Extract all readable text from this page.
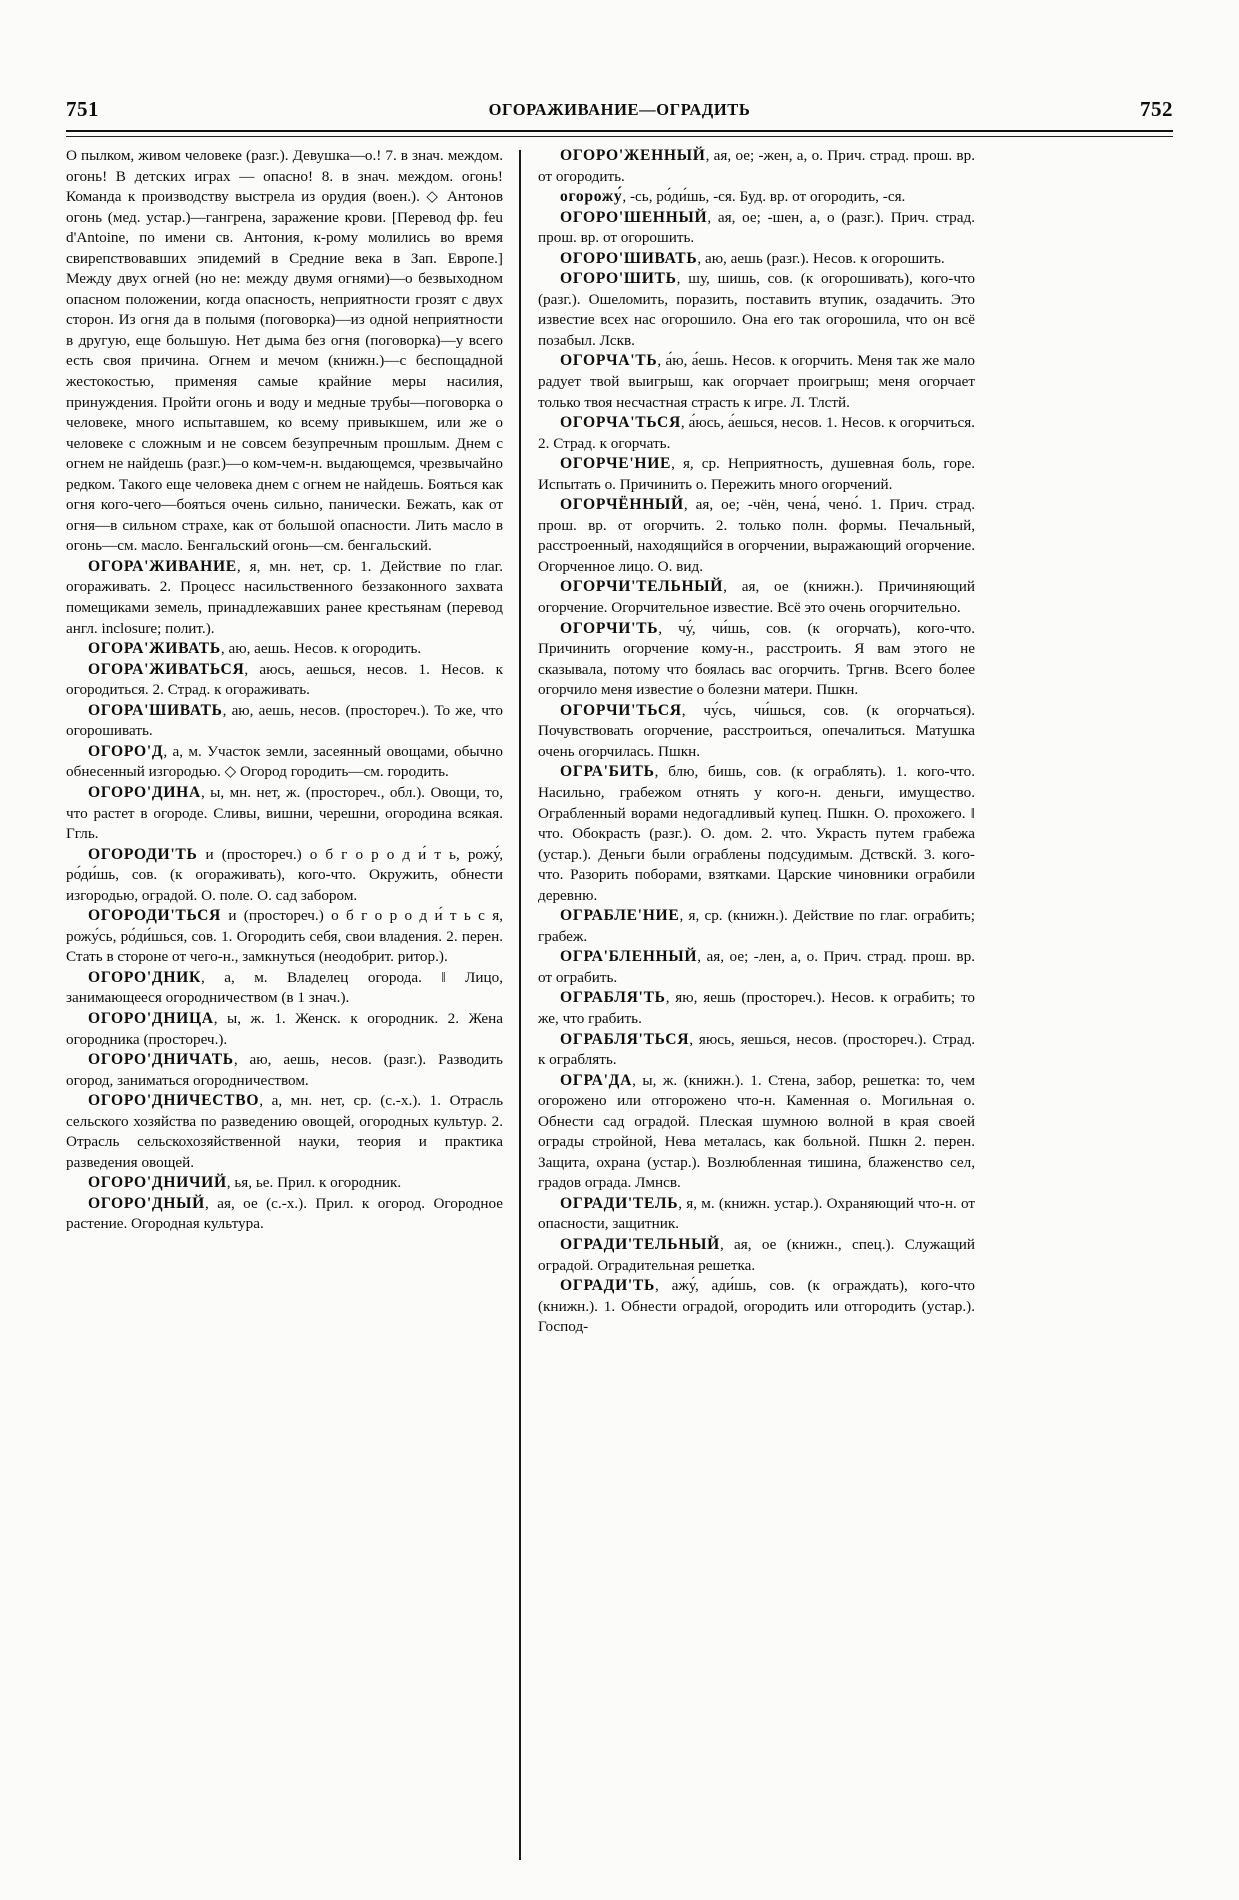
751	ОГОРАЖИВАНИЕ—ОГРАДИТЬ	752

О пылком, живом человеке (разг.). Девушка—о.! 7. в знач. междом. огонь! В детских играх — опасно! 8. в знач. междом. огонь! Команда к производству выстрела из орудия (воен.). ◇ Антонов огонь (мед. устар.)—гангрена, заражение крови. [Перевод фр. feu d'Antoine, по имени св. Антония, к-рому молились во время свирепствовавших эпидемий в Средние века в Зап. Европе.] Между двух огней (но не: между двумя огнями)—о безвыходном опасном положении, когда опасность, неприятности грозят с двух сторон. Из огня да в полымя (поговорка)—из одной неприятности в другую, еще большую. Нет дыма без огня (поговорка)—у всего есть своя причина. Огнем и мечом (книжн.)—с беспощадной жестокостью, применяя самые крайние меры насилия, принуждения. Пройти огонь и воду и медные трубы—поговорка о человеке, много испытавшем, ко всему привыкшем, или же о человеке с сложным и не совсем безупречным прошлым. Днем с огнем не найдешь (разг.)—о ком-чем-н. выдающемся, чрезвычайно редком. Такого еще человека днем с огнем не найдешь. Бояться как огня кого-чего—бояться очень сильно, панически. Бежать, как от огня—в сильном страхе, как от большой опасности. Лить масло в огонь—см. масло. Бенгальский огонь—см. бенгальский.

ОГОРА'ЖИВАНИЕ, я, мн. нет, ср. 1. Действие по глаг. огораживать. 2. Процесс насильственного беззаконного захвата помещиками земель, принадлежавших ранее крестьянам (перевод англ. inclosure; полит.).

ОГОРА'ЖИВАТЬ, аю, аешь. Несов. к огородить.

ОГОРА'ЖИВАТЬСЯ, аюсь, аешься, несов. 1. Несов. к огородиться. 2. Страд. к огораживать.

ОГОРА'ШИВАТЬ, аю, аешь, несов. (простореч.). То же, что огорошивать.

ОГОРО'Д, а, м. Участок земли, засеянный овощами, обычно обнесенный изгородью. ◇ Огород городить—см. городить.

ОГОРО'ДИНА, ы, мн. нет, ж. (простореч., обл.). Овощи, то, что растет в огороде. Сливы, вишни, черешни, огородина всякая. Ггль.

ОГОРОДИ'ТЬ и (простореч.) о б г о р о д и́ т ь, рожу́, ро́ди́шь, сов. (к огораживать), кого-что. Окружить, обнести изгородью, оградой. О. поле. О. сад забором.

ОГОРОДИ'ТЬСЯ и (простореч.) о б г о р о д и́ т ь с я, рожу́сь, ро́ди́шься, сов. 1. Огородить себя, свои владения. 2. перен. Стать в стороне от чего-н., замкнуться (неодобрит. ритор.).

ОГОРО'ДНИК, а, м. Владелец огорода. ‖ Лицо, занимающееся огородничеством (в 1 знач.).

ОГОРО'ДНИЦА, ы, ж. 1. Женск. к огородник. 2. Жена огородника (простореч.).

ОГОРО'ДНИЧАТЬ, аю, аешь, несов. (разг.). Разводить огород, заниматься огородничеством.

ОГОРО'ДНИЧЕСТВО, а, мн. нет, ср. (с.-х.). 1. Отрасль сельского хозяйства по разведению овощей, огородных культур. 2. Отрасль сельскохозяйственной науки, теория и практика разведения овощей.

ОГОРО'ДНИЧИЙ, ья, ье. Прил. к огородник.

ОГОРО'ДНЫЙ, ая, ое (с.-х.). Прил. к огород. Огородное растение. Огородная культура.

ОГОРО'ЖЕННЫЙ, ая, ое; -жен, а, о. Прич. страд. прош. вр. от огородить.

огорожу́, -сь, ро́ди́шь, -ся. Буд. вр. от огородить, -ся.

ОГОРО'ШЕННЫЙ, ая, ое; -шен, а, о (разг.). Прич. страд. прош. вр. от огорошить.

ОГОРО'ШИВАТЬ, аю, аешь (разг.). Несов. к огорошить.

ОГОРО'ШИТЬ, шу, шишь, сов. (к огорошивать), кого-что (разг.). Ошеломить, поразить, поставить втупик, озадачить. Это известие всех нас огорошило. Она его так огорошила, что он всё позабыл. Лскв.

ОГОРЧА'ТЬ, а́ю, а́ешь. Несов. к огорчить. Меня так же мало радует твой выигрыш, как огорчает проигрыш; меня огорчает только твоя несчастная страсть к игре. Л. Тлстй.

ОГОРЧА'ТЬСЯ, а́юсь, а́ешься, несов. 1. Несов. к огорчиться. 2. Страд. к огорчать.

ОГОРЧЕ'НИЕ, я, ср. Неприятность, душевная боль, горе. Испытать о. Причинить о. Пережить много огорчений.

ОГОРЧЁННЫЙ, ая, ое; -чён, чена́, чено́. 1. Прич. страд. прош. вр. от огорчить. 2. только полн. формы. Печальный, расстроенный, находящийся в огорчении, выражающий огорчение. Огорченное лицо. О. вид.

ОГОРЧИ'ТЕЛЬНЫЙ, ая, ое (книжн.). Причиняющий огорчение. Огорчительное известие. Всё это очень огорчительно.

ОГОРЧИ'ТЬ, чу́, чи́шь, сов. (к огорчать), кого-что. Причинить огорчение кому-н., расстроить. Я вам этого не сказывала, потому что боялась вас огорчить. Тргнв. Всего более огорчило меня известие о болезни матери. Пшкн.

ОГОРЧИ'ТЬСЯ, чу́сь, чи́шься, сов. (к огорчаться). Почувствовать огорчение, расстроиться, опечалиться. Матушка очень огорчилась. Пшкн.

ОГРА'БИТЬ, блю, бишь, сов. (к ограблять). 1. кого-что. Насильно, грабежом отнять у кого-н. деньги, имущество. Ограбленный ворами недогадливый купец. Пшкн. О. прохожего. ‖ что. Обокрасть (разг.). О. дом. 2. что. Украсть путем грабежа (устар.). Деньги были ограблены подсудимым. Дствскй. 3. кого-что. Разорить поборами, взятками. Царские чиновники ограбили деревню.

ОГРАБЛЕ'НИЕ, я, ср. (книжн.). Действие по глаг. ограбить; грабеж.

ОГРА'БЛЕННЫЙ, ая, ое; -лен, а, о. Прич. страд. прош. вр. от ограбить.

ОГРАБЛЯ'ТЬ, яю, яешь (простореч.). Несов. к ограбить; то же, что грабить.

ОГРАБЛЯ'ТЬСЯ, яюсь, яешься, несов. (простореч.). Страд. к ограблять.

ОГРА'ДА, ы, ж. (книжн.). 1. Стена, забор, решетка: то, чем огорожено или отгорожено что-н. Каменная о. Могильная о. Обнести сад оградой. Плеская шумною волной в края своей ограды стройной, Нева металась, как больной. Пшкн 2. перен. Защита, охрана (устар.). Возлюбленная тишина, блаженство сел, градов ограда. Лмнсв.

ОГРАДИ'ТЕЛЬ, я, м. (книжн. устар.). Охраняющий что-н. от опасности, защитник.

ОГРАДИ'ТЕЛЬНЫЙ, ая, ое (книжн., спец.). Служащий оградой. Оградительная решетка.

ОГРАДИ'ТЬ, ажу́, ади́шь, сов. (к ограждать), кого-что (книжн.). 1. Обнести оградой, огородить или отгородить (устар.). Господ-
